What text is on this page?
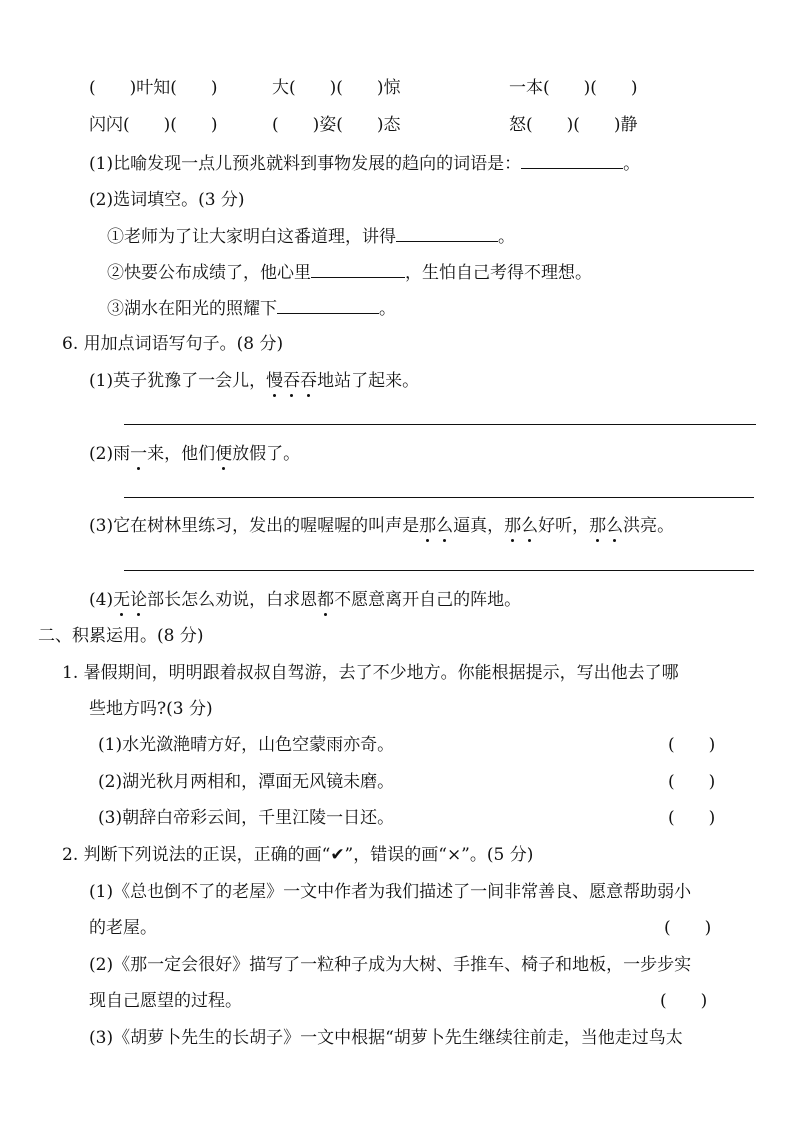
(　　)叶知(　　)	大(　　)(　　)惊	一本(　　)(　　)
闪闪(　　)(　　)	(　　)姿(　　)态	怒(　　)(　　)静
(1)比喻发现一点儿预兆就料到事物发展的趋向的词语是：	。
(2)选词填空。(3 分)
①老师为了让大家明白这番道理，讲得	。
②快要公布成绩了，他心里	，生怕自己考得不理想。
③湖水在阳光的照耀下	。
6. 用加点词语写句子。(8 分)
(1)英子犹豫了一会儿，慢吞吞地站了起来。
(2)雨一来，他们便放假了。
(3)它在树林里练习，发出的喔喔喔的叫声是那么逼真，那么好听，那么洪亮。
(4)无论部长怎么劝说，白求恩都不愿意离开自己的阵地。
二、积累运用。(8 分)
1. 暑假期间，明明跟着叔叔自驾游，去了不少地方。你能根据提示，写出他去了哪
些地方吗?(3 分)
(1)水光潋滟晴方好，山色空蒙雨亦奇。	(　　)
(2)湖光秋月两相和，潭面无风镜未磨。	(　　)
(3)朝辞白帝彩云间，千里江陵一日还。	(　　)
2. 判断下列说法的正误，正确的画“✔”，错误的画“×”。(5 分)
(1)《总也倒不了的老屋》一文中作者为我们描述了一间非常善良、愿意帮助弱小
的老屋。	(　　)
(2)《那一定会很好》描写了一粒种子成为大树、手推车、椅子和地板，一步步实
现自己愿望的过程。	(　　)
(3)《胡萝卜先生的长胡子》一文中根据“胡萝卜先生继续往前走，当他走过鸟太
